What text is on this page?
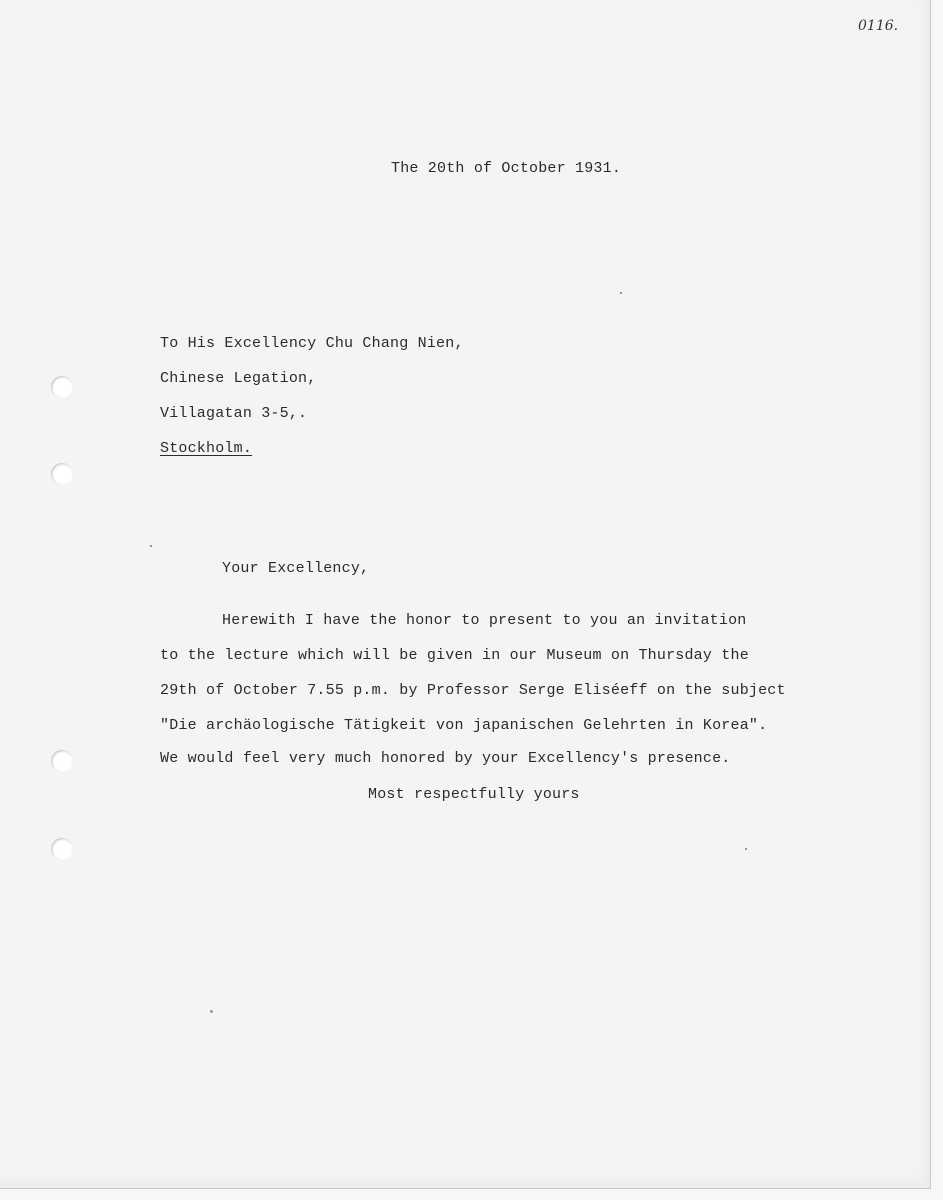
0116.
The 20th of October 1931.
To His Excellency Chu Chang Nien,
Chinese Legation,
Villagatan 3-5,.
Stockholm.
Your Excellency,
Herewith I have the honor to present to you an invitation
to the lecture which will be given in our Museum on Thursday the
29th of October 7.55 p.m. by Professor Serge Eliséeff on the subject
"Die archäologische Tätigkeit von japanischen Gelehrten in Korea".
We would feel very much honored by your Excellency's presence.
Most respectfully yours
